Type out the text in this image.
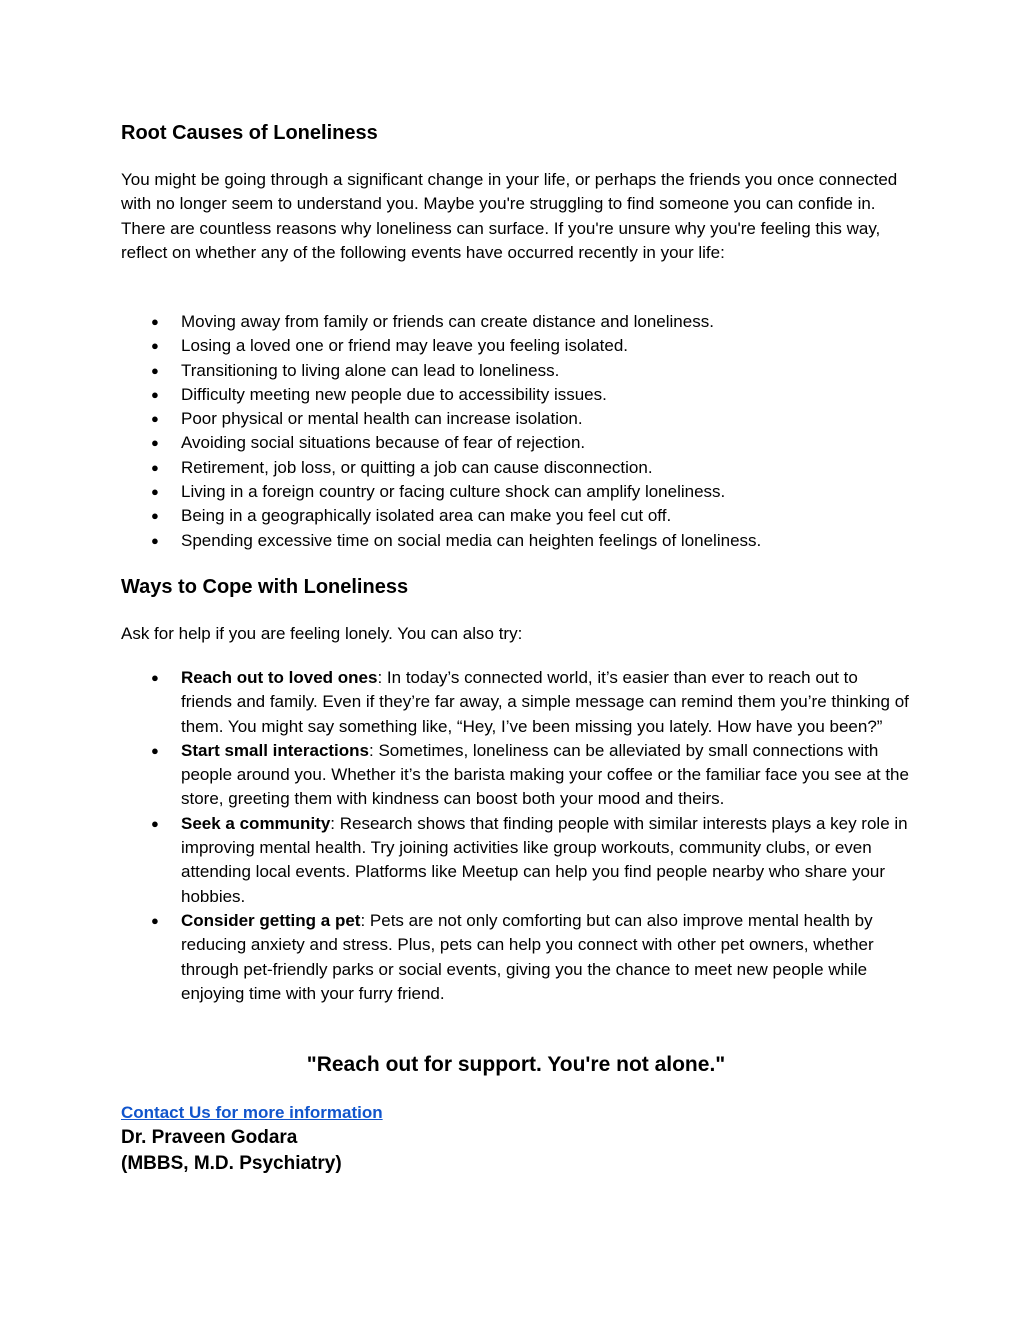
Root Causes of Loneliness

You might be going through a significant change in your life, or perhaps the friends you once connected with no longer seem to understand you. Maybe you're struggling to find someone you can confide in. There are countless reasons why loneliness can surface. If you're unsure why you're feeling this way, reflect on whether any of the following events have occurred recently in your life:

● Moving away from family or friends can create distance and loneliness.
● Losing a loved one or friend may leave you feeling isolated.
● Transitioning to living alone can lead to loneliness.
● Difficulty meeting new people due to accessibility issues.
● Poor physical or mental health can increase isolation.
● Avoiding social situations because of fear of rejection.
● Retirement, job loss, or quitting a job can cause disconnection.
● Living in a foreign country or facing culture shock can amplify loneliness.
● Being in a geographically isolated area can make you feel cut off.
● Spending excessive time on social media can heighten feelings of loneliness.
Ways to Cope with Loneliness

Ask for help if you are feeling lonely. You can also try:

● Reach out to loved ones: In today’s connected world, it’s easier than ever to reach out to friends and family. Even if they’re far away, a simple message can remind them you’re thinking of them. You might say something like, “Hey, I’ve been missing you lately. How have you been?”
● Start small interactions: Sometimes, loneliness can be alleviated by small connections with people around you. Whether it’s the barista making your coffee or the familiar face you see at the store, greeting them with kindness can boost both your mood and theirs.
● Seek a community: Research shows that finding people with similar interests plays a key role in improving mental health. Try joining activities like group workouts, community clubs, or even attending local events. Platforms like Meetup can help you find people nearby who share your hobbies.
● Consider getting a pet: Pets are not only comforting but can also improve mental health by reducing anxiety and stress. Plus, pets can help you connect with other pet owners, whether through pet-friendly parks or social events, giving you the chance to meet new people while enjoying time with your furry friend.

"Reach out for support. You're not alone."

Contact Us for more information
Dr. Praveen Godara
(MBBS, M.D. Psychiatry)
